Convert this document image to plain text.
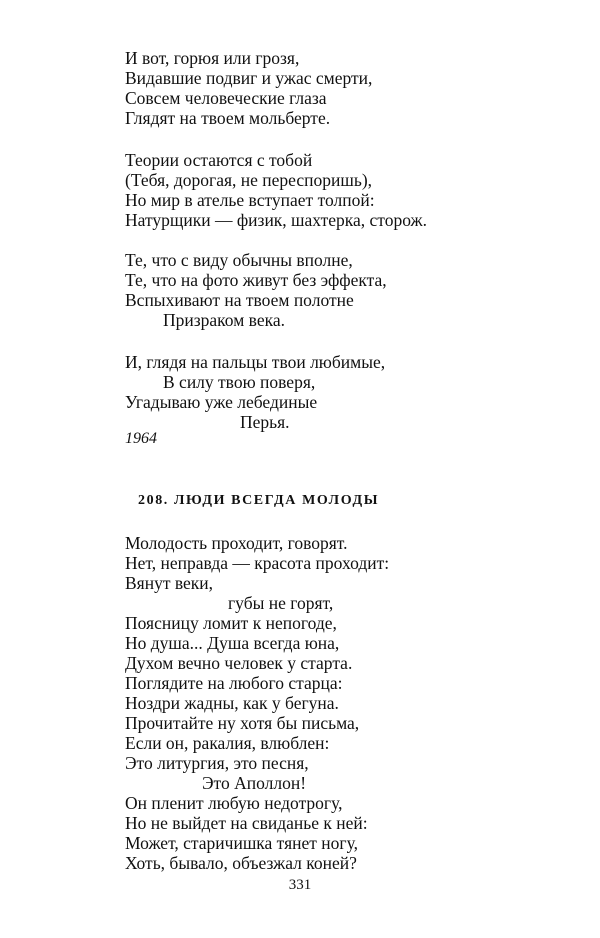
И вот, горюя или грозя,
Видавшие подвиг и ужас смерти,
Совсем человеческие глаза
Глядят на твоем мольберте.
Теории остаются с тобой
(Тебя, дорогая, не переспоришь),
Но мир в ателье вступает толпой:
Натурщики — физик, шахтерка, сторож.
Те, что с виду обычны вполне,
Те, что на фото живут без эффекта,
Вспыхивают на твоем полотне
Призраком века.
И, глядя на пальцы твои любимые,
В силу твою поверя,
Угадываю уже лебединые
Перья.
1964
208. ЛЮДИ ВСЕГДА МОЛОДЫ
Молодость проходит, говорят.
Нет, неправда — красота проходит:
Вянут веки,
губы не горят,
Поясницу ломит к непогоде,
Но душа... Душа всегда юна,
Духом вечно человек у старта.
Поглядите на любого старца:
Ноздри жадны, как у бегуна.
Прочитайте ну хотя бы письма,
Если он, ракалия, влюблен:
Это литургия, это песня,
Это Аполлон!
Он пленит любую недотрогу,
Но не выйдет на свиданье к ней:
Может, старичишка тянет ногу,
Хоть, бывало, объезжал коней?
331
